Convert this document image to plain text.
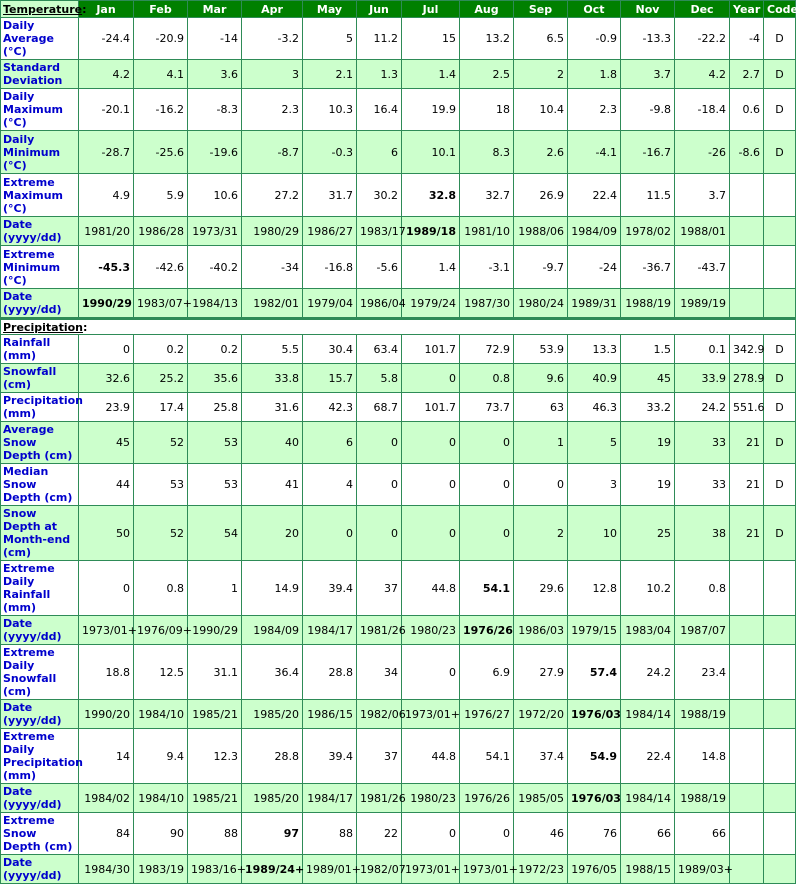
Temperature:	Jan	Feb	Mar	Apr	May	Jun	Jul	Aug	Sep	Oct	Nov	Dec	Year	Code
Daily Average (°C)	-24.4	-20.9	-14	-3.2	5	11.2	15	13.2	6.5	-0.9	-13.3	-22.2	-4	D
Standard Deviation	4.2	4.1	3.6	3	2.1	1.3	1.4	2.5	2	1.8	3.7	4.2	2.7	D
Daily Maximum (°C)	-20.1	-16.2	-8.3	2.3	10.3	16.4	19.9	18	10.4	2.3	-9.8	-18.4	0.6	D
Daily Minimum (°C)	-28.7	-25.6	-19.6	-8.7	-0.3	6	10.1	8.3	2.6	-4.1	-16.7	-26	-8.6	D
Extreme Maximum (°C)	4.9	5.9	10.6	27.2	31.7	30.2	32.8	32.7	26.9	22.4	11.5	3.7		
Date (yyyy/dd)	1981/20	1986/28	1973/31	1980/29	1986/27	1983/17	1989/18	1981/10	1988/06	1984/09	1978/02	1988/01		
Extreme Minimum (°C)	-45.3	-42.6	-40.2	-34	-16.8	-5.6	1.4	-3.1	-9.7	-24	-36.7	-43.7		
Date (yyyy/dd)	1990/29	1983/07+	1984/13	1982/01	1979/04	1986/04	1979/24	1987/30	1980/24	1989/31	1988/19	1989/19		
Precipitation:														
Rainfall (mm)	0	0.2	0.2	5.5	30.4	63.4	101.7	72.9	53.9	13.3	1.5	0.1	342.9	D
Snowfall (cm)	32.6	25.2	35.6	33.8	15.7	5.8	0	0.8	9.6	40.9	45	33.9	278.9	D
Precipitation (mm)	23.9	17.4	25.8	31.6	42.3	68.7	101.7	73.7	63	46.3	33.2	24.2	551.6	D
Average Snow Depth (cm)	45	52	53	40	6	0	0	0	1	5	19	33	21	D
Median Snow Depth (cm)	44	53	53	41	4	0	0	0	0	3	19	33	21	D
Snow Depth at Month-end (cm)	50	52	54	20	0	0	0	0	2	10	25	38	21	D
Extreme Daily Rainfall (mm)	0	0.8	1	14.9	39.4	37	44.8	54.1	29.6	12.8	10.2	0.8		
Date (yyyy/dd)	1973/01+	1976/09+	1990/29	1984/09	1984/17	1981/26	1980/23	1976/26	1986/03	1979/15	1983/04	1987/07		
Extreme Daily Snowfall (cm)	18.8	12.5	31.1	36.4	28.8	34	0	6.9	27.9	57.4	24.2	23.4		
Date (yyyy/dd)	1990/20	1984/10	1985/21	1985/20	1986/15	1982/06	1973/01+	1976/27	1972/20	1976/03	1984/14	1988/19		
Extreme Daily Precipitation (mm)	14	9.4	12.3	28.8	39.4	37	44.8	54.1	37.4	54.9	22.4	14.8		
Date (yyyy/dd)	1984/02	1984/10	1985/21	1985/20	1984/17	1981/26	1980/23	1976/26	1985/05	1976/03	1984/14	1988/19		
Extreme Snow Depth (cm)	84	90	88	97	88	22	0	0	46	76	66	66		
Date (yyyy/dd)	1984/30	1983/19	1983/16+	1989/24+	1989/01+	1982/07	1973/01+	1973/01+	1972/23	1976/05	1988/15	1989/03+		
